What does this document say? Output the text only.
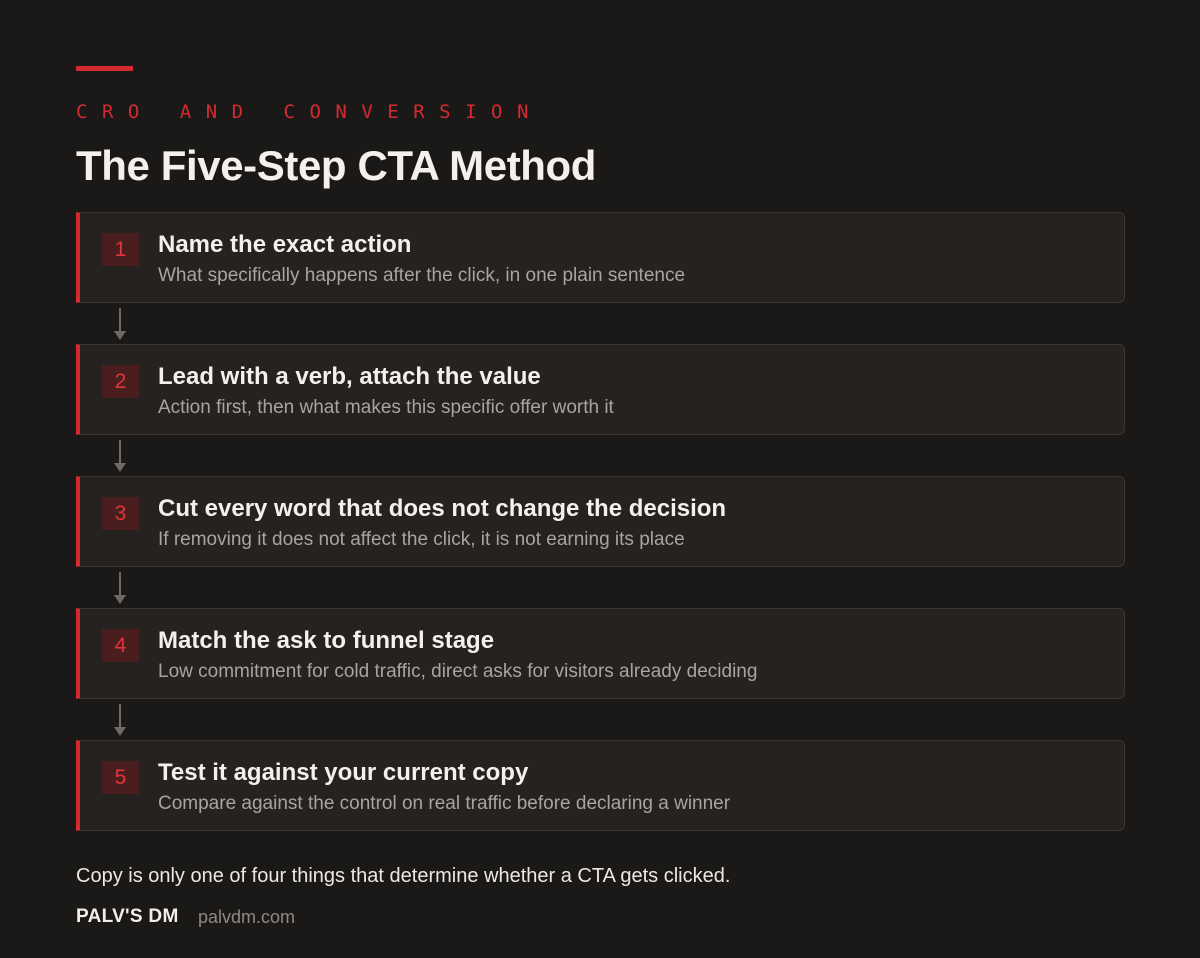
CRO AND CONVERSION
The Five-Step CTA Method
1	Name the exact action
What specifically happens after the click, in one plain sentence
2	Lead with a verb, attach the value
Action first, then what makes this specific offer worth it
3	Cut every word that does not change the decision
If removing it does not affect the click, it is not earning its place
4	Match the ask to funnel stage
Low commitment for cold traffic, direct asks for visitors already deciding
5	Test it against your current copy
Compare against the control on real traffic before declaring a winner

Copy is only one of four things that determine whether a CTA gets clicked.

PALV'S DM palvdm.com
